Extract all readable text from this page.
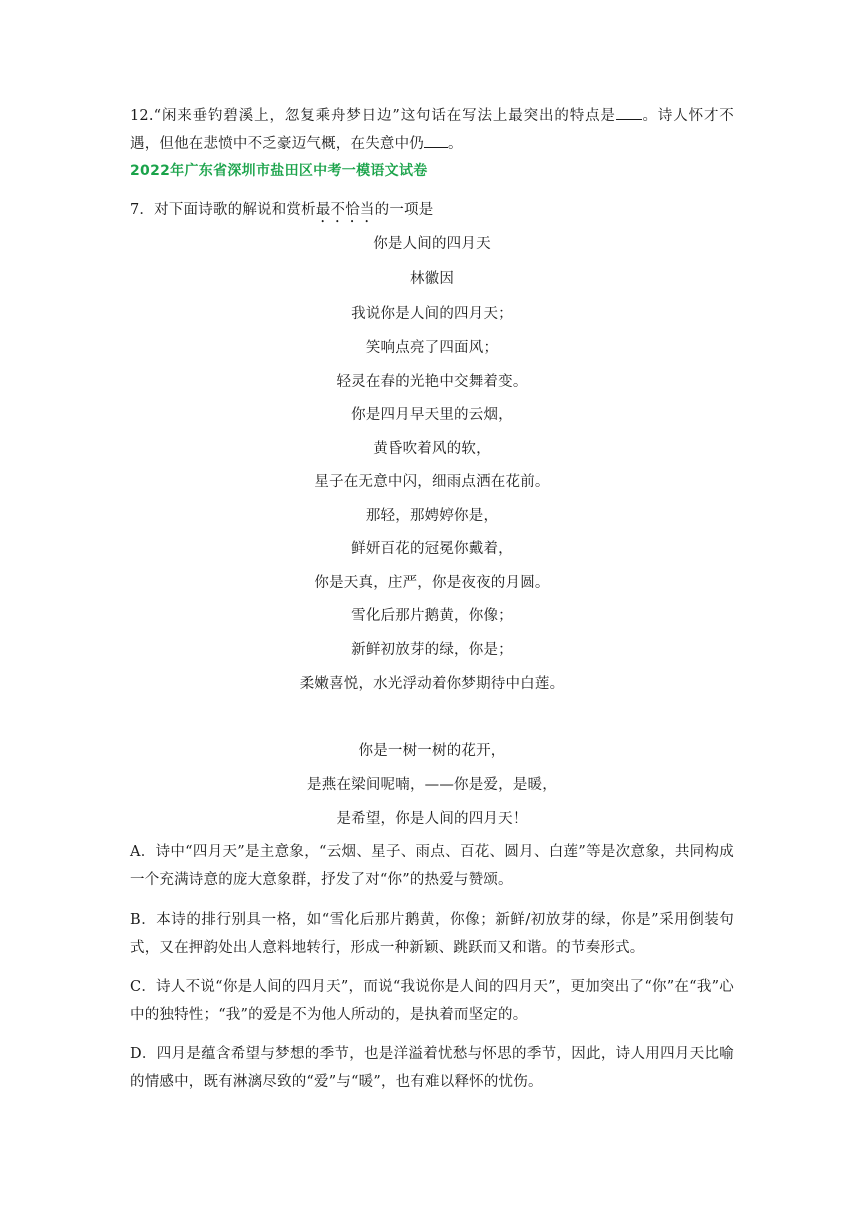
12.“闲来垂钓碧溪上，忽复乘舟梦日边”这句话在写法上最突出的特点是 。诗人怀才不遇，但他在悲愤中不乏豪迈气概，在失意中仍 。

2022年广东省深圳市盐田区中考一模语文试卷

7．对下面诗歌的解说和赏析最不恰当的一项是

你是人间的四月天

林徽因

我说你是人间的四月天；

笑响点亮了四面风；

轻灵在春的光艳中交舞着变。

你是四月早天里的云烟，

黄昏吹着风的软，

星子在无意中闪，细雨点洒在花前。

那轻，那娉婷你是，

鲜妍百花的冠冕你戴着，

你是天真，庄严，你是夜夜的月圆。

雪化后那片鹅黄，你像；

新鲜初放芽的绿，你是；

柔嫩喜悦，水光浮动着你梦期待中白莲。

你是一树一树的花开，

是燕在梁间呢喃，——你是爱，是暖，

是希望，你是人间的四月天！

A．诗中“四月天”是主意象，“云烟、星子、雨点、百花、圆月、白莲”等是次意象，共同构成一个充满诗意的庞大意象群，抒发了对“你”的热爱与赞颂。

B．本诗的排行别具一格，如“雪化后那片鹅黄，你像；新鲜/初放芽的绿，你是”采用倒装句式，又在押韵处出人意料地转行，形成一种新颖、跳跃而又和谐。的节奏形式。

C．诗人不说“你是人间的四月天”，而说“我说你是人间的四月天”，更加突出了“你”在“我”心中的独特性；“我”的爱是不为他人所动的，是执着而坚定的。

D．四月是蕴含希望与梦想的季节，也是洋溢着忧愁与怀思的季节，因此，诗人用四月天比喻的情感中，既有淋漓尽致的“爱”与“暖”，也有难以释怀的忧伤。
